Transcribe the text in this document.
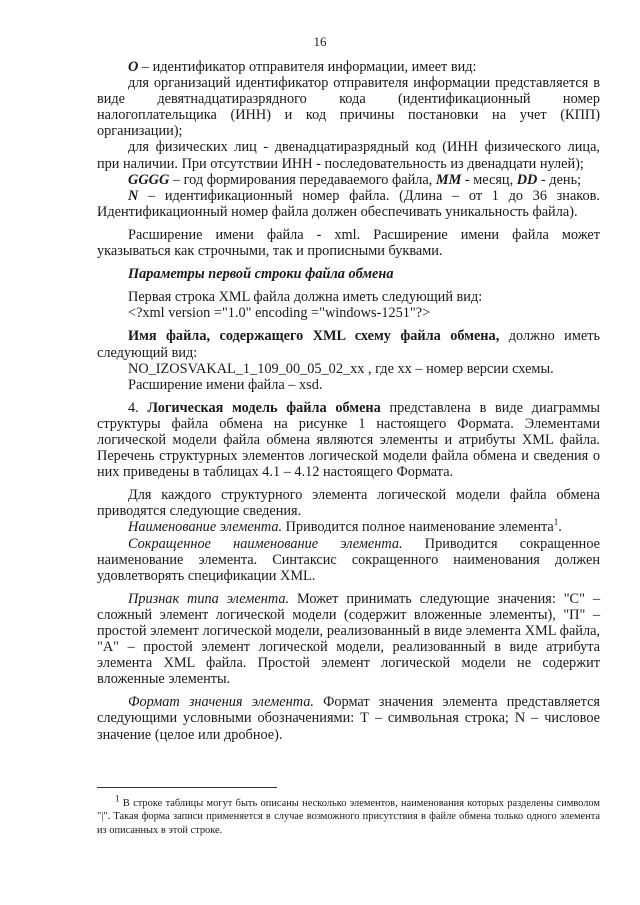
16

О – идентификатор отправителя информации, имеет вид:

для организаций идентификатор отправителя информации представляется в виде девятнадцатиразрядного кода (идентификационный номер налогоплательщика (ИНН) и код причины постановки на учет (КПП) организации);

для физических лиц - двенадцатиразрядный код (ИНН физического лица, при наличии. При отсутствии ИНН - последовательность из двенадцати нулей);

GGGG – год формирования передаваемого файла, ММ - месяц, DD - день;

N – идентификационный номер файла. (Длина – от 1 до 36 знаков. Идентификационный номер файла должен обеспечивать уникальность файла).

Расширение имени файла - xml. Расширение имени файла может указываться как строчными, так и прописными буквами.

Параметры первой строки файла обмена

Первая строка XML файла должна иметь следующий вид:

<?xml version ="1.0" encoding ="windows-1251"?>

Имя файла, содержащего XML схему файла обмена, должно иметь следующий вид:

NO_IZOSVAKAL_1_109_00_05_02_xx , где хх – номер версии схемы.

Расширение имени файла – xsd.

4. Логическая модель файла обмена представлена в виде диаграммы структуры файла обмена на рисунке 1 настоящего Формата. Элементами логической модели файла обмена являются элементы и атрибуты XML файла. Перечень структурных элементов логической модели файла обмена и сведения о них приведены в таблицах 4.1 – 4.12 настоящего Формата.

Для каждого структурного элемента логической модели файла обмена приводятся следующие сведения.

Наименование элемента. Приводится полное наименование элемента$^1$.

Сокращенное наименование элемента. Приводится сокращенное наименование элемента. Синтаксис сокращенного наименования должен удовлетворять спецификации XML.

Признак типа элемента. Может принимать следующие значения: "С" – сложный элемент логической модели (содержит вложенные элементы), "П" – простой элемент логической модели, реализованный в виде элемента XML файла, "А" – простой элемент логической модели, реализованный в виде атрибута элемента XML файла. Простой элемент логической модели не содержит вложенные элементы.

Формат значения элемента. Формат значения элемента представляется следующими условными обозначениями: Т – символьная строка; N – числовое значение (целое или дробное).

$^1$ В строке таблицы могут быть описаны несколько элементов, наименования которых разделены символом "|". Такая форма записи применяется в случае возможного присутствия в файле обмена только одного элемента из описанных в этой строке.
